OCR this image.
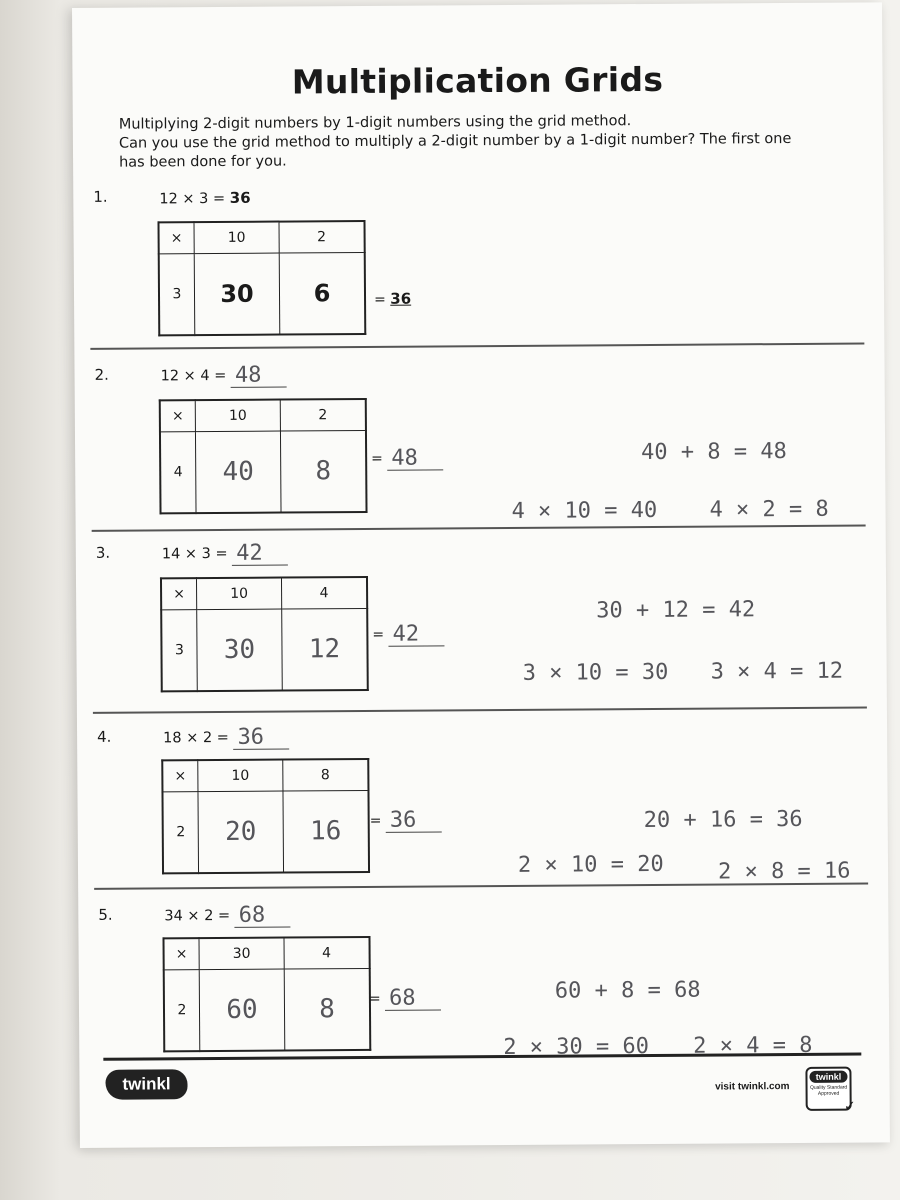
Multiplication Grids

Multiplying 2-digit numbers by 1-digit numbers using the grid method.

Can you use the grid method to multiply a 2-digit number by a 1-digit number? The first one has been done for you.

1.	12 × 3 = 36
×	10	2
3	30	6	= 36
2.	12 × 4 = 48
×	10	2
4	40	8	= 48	40 + 8 = 48
4 × 10 = 40 4 × 2 = 8
3.	14 × 3 = 42
×	10	4
3	30	12 = 42
30 + 12 = 42
3 × 10 = 30 3 × 4 = 12
4.	18 × 2 = 36
×	10	8
2	20	16 = 36	20 + 16 = 36
2 × 10 = 20 2 × 8 = 16
5.	34 × 2 = 68
×	30	4
2	60	8 = 68	60 + 8 = 68
2 × 30 = 60 2 × 4 = 8
twinkl	visit twinkl.com
twinkl
Quality Standard Approved
✓
